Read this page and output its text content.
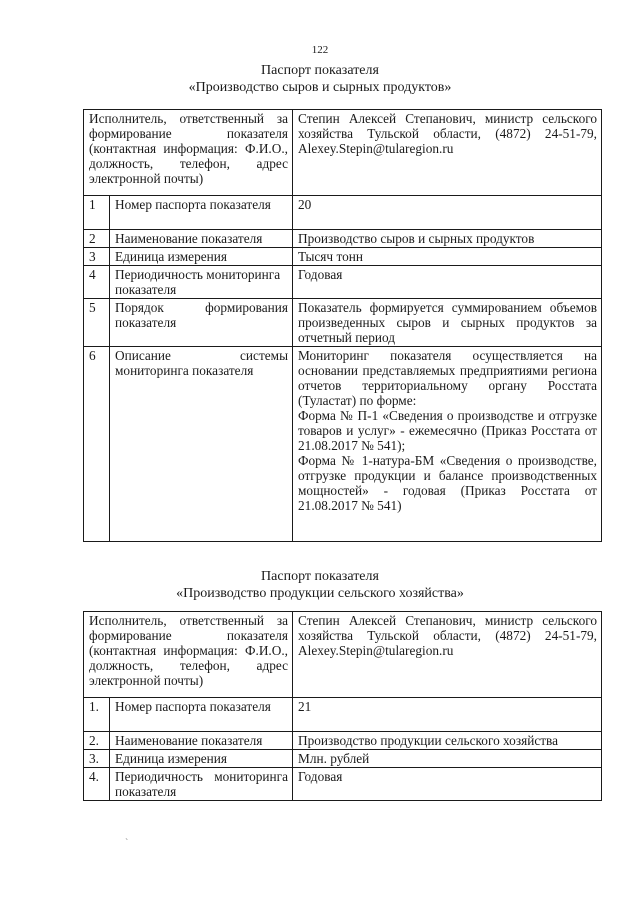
122
Паспорт показателя
«Производство сыров и сырных продуктов»
Исполнитель, ответственный за формирование показателя (контактная информация: Ф.И.О., должность, телефон, адрес электронной почты)		Степин Алексей Степанович, министр сельского хозяйства Тульской области, (4872) 24-51-79, Alexey.Stepin@tularegion.ru
1	Номер паспорта показателя	20
2	Наименование показателя	Производство сыров и сырных продуктов
3	Единица измерения	Тысяч тонн
4	Периодичность мониторинга показателя	Годовая
5	Порядок формирования показателя	Показатель формируется суммированием объемов произведенных сыров и сырных продуктов за отчетный период
6	Описание системы мониторинга показателя	Мониторинг показателя осуществляется на основании представляемых предприятиями региона отчетов территориальному органу Росстата (Туластат) по форме:
Форма № П-1 «Сведения о производстве и отгрузке товаров и услуг» - ежемесячно (Приказ Росстата от 21.08.2017 № 541);
Форма № 1-натура-БМ «Сведения о производстве, отгрузке продукции и балансе производственных мощностей» - годовая (Приказ Росстата от 21.08.2017 № 541)
Паспорт показателя
«Производство продукции сельского хозяйства»
Исполнитель, ответственный за формирование показателя (контактная информация: Ф.И.О., должность, телефон, адрес электронной почты)		Степин Алексей Степанович, министр сельского хозяйства Тульской области, (4872) 24-51-79, Alexey.Stepin@tularegion.ru
1.	Номер паспорта показателя	21
2.	Наименование показателя	Производство продукции сельского хозяйства
3.	Единица измерения	Млн. рублей
4.	Периодичность мониторинга показателя	Годовая
`
